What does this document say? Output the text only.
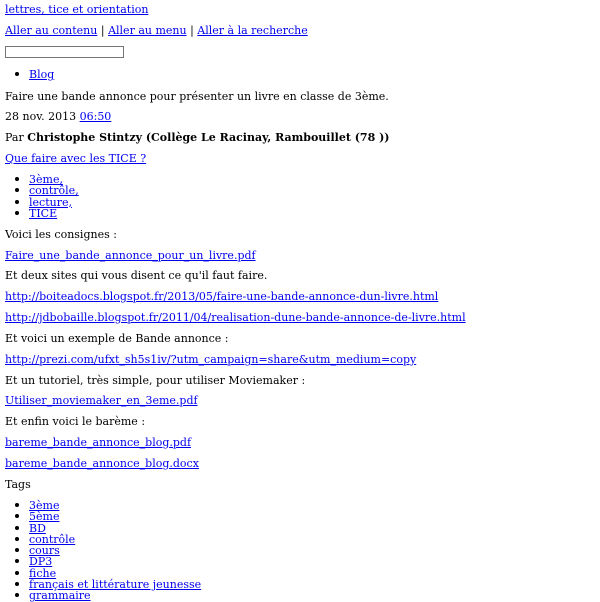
lettres, tice et orientation
Aller au contenu | Aller au menu | Aller à la recherche
Blog
Faire une bande annonce pour présenter un livre en classe de 3ème.
28 nov. 2013 06:50
Par Christophe Stintzy (Collège Le Racinay, Rambouillet (78 ))
Que faire avec les TICE ?
3ème,
contrôle,
lecture,
TICE
Voici les consignes :
Faire_une_bande_annonce_pour_un_livre.pdf
Et deux sites qui vous disent ce qu'il faut faire.
http://boiteadocs.blogspot.fr/2013/05/faire-une-bande-annonce-dun-livre.html
http://jdbobaille.blogspot.fr/2011/04/realisation-dune-bande-annonce-de-livre.html
Et voici un exemple de Bande annonce :
http://prezi.com/ufxt_sh5s1iv/?utm_campaign=share&utm_medium=copy
Et un tutoriel, très simple, pour utiliser Moviemaker :
Utiliser_moviemaker_en_3eme.pdf
Et enfin voici le barème :
bareme_bande_annonce_blog.pdf
bareme_bande_annonce_blog.docx
Tags
3ème
5ème
BD
contrôle
cours
DP3
fiche
français et littérature jeunesse
grammaire
